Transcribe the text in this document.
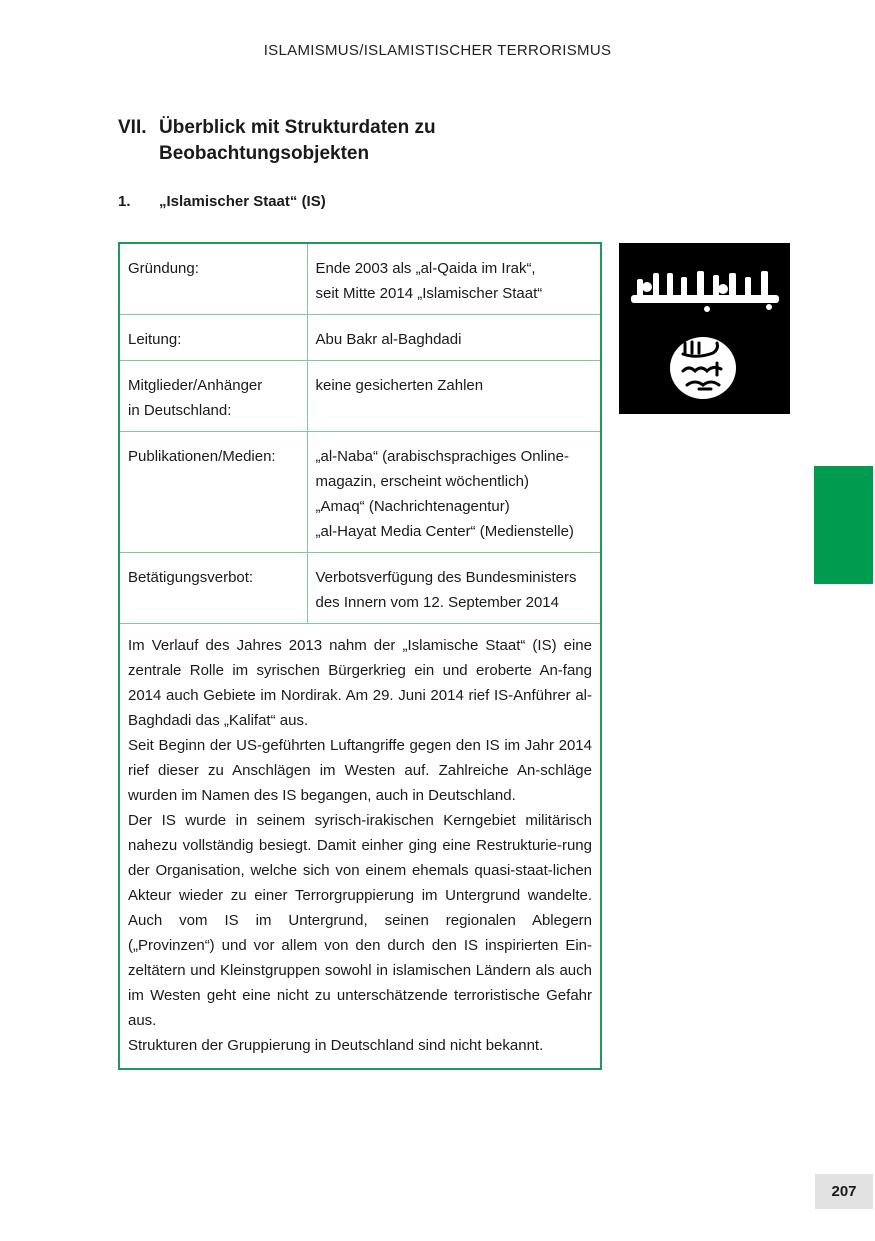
ISLAMISMUS/ISLAMISTISCHER TERRORISMUS
VII. Überblick mit Strukturdaten zu
Beobachtungsobjekten
1. „Islamischer Staat“ (IS)
Gründung:	Ende 2003 als „al-Qaida im Irak“,
seit Mitte 2014 „Islamischer Staat“

Leitung:	Abu Bakr al-Baghdadi

Mitglieder/Anhänger
in Deutschland:	keine gesicherten Zahlen

Publikationen/Medien:	„al-Naba“ (arabischsprachiges Online-
magazin, erscheint wöchentlich)
„Amaq“ (Nachrichtenagentur)
„al-Hayat Media Center“ (Medienstelle)

Betätigungsverbot:	Verbotsverfügung des Bundesministers
des Innern vom 12. September 2014

Im Verlauf des Jahres 2013 nahm der „Islamische Staat“ (IS) eine zentrale Rolle im syrischen Bürgerkrieg ein und eroberte An-fang 2014 auch Gebiete im Nordirak. Am 29. Juni 2014 rief IS-Anführer al-Baghdadi das „Kalifat“ aus.

Seit Beginn der US-geführten Luftangriffe gegen den IS im Jahr 2014 rief dieser zu Anschlägen im Westen auf. Zahlreiche An-schläge wurden im Namen des IS begangen, auch in Deutschland.

Der IS wurde in seinem syrisch-irakischen Kerngebiet militärisch nahezu vollständig besiegt. Damit einher ging eine Restrukturie-rung der Organisation, welche sich von einem ehemals quasi-staat-lichen Akteur wieder zu einer Terrorgruppierung im Untergrund wandelte. Auch vom IS im Untergrund, seinen regionalen Ablegern („Provinzen“) und vor allem von den durch den IS inspirierten Ein-zeltätern und Kleinstgruppen sowohl in islamischen Ländern als auch im Westen geht eine nicht zu unterschätzende terroristische Gefahr aus.

Strukturen der Gruppierung in Deutschland sind nicht bekannt.	

207
